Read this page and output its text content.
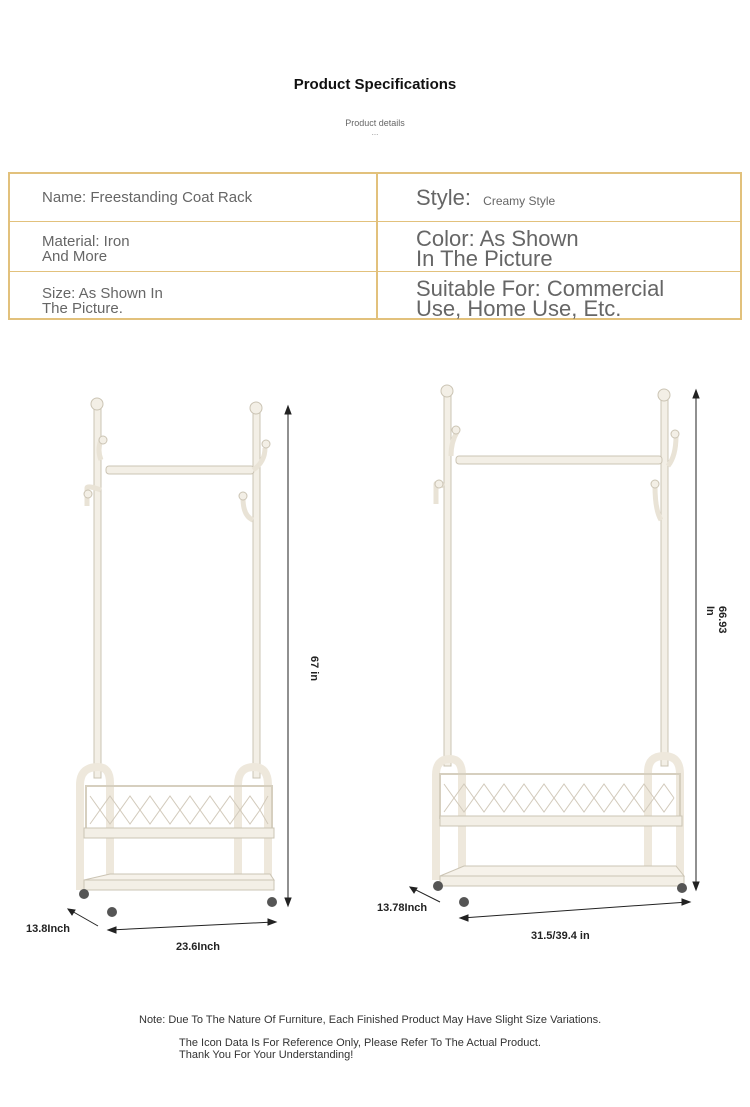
Product Specifications
Product details
...
Name: Freestanding Coat Rack	Style: Creamy Style
Material: Iron
And More
Color: As Shown
In The Picture
Size: As Shown In
The Picture.
Suitable For: Commercial
Use, Home Use, Etc.
67 in
13.8Inch
23.6Inch
66.93 In
13.78Inch
31.5/39.4 in
Note: Due To The Nature Of Furniture, Each Finished Product May Have Slight Size Variations.
The Icon Data Is For Reference Only, Please Refer To The Actual Product.
Thank You For Your Understanding!
